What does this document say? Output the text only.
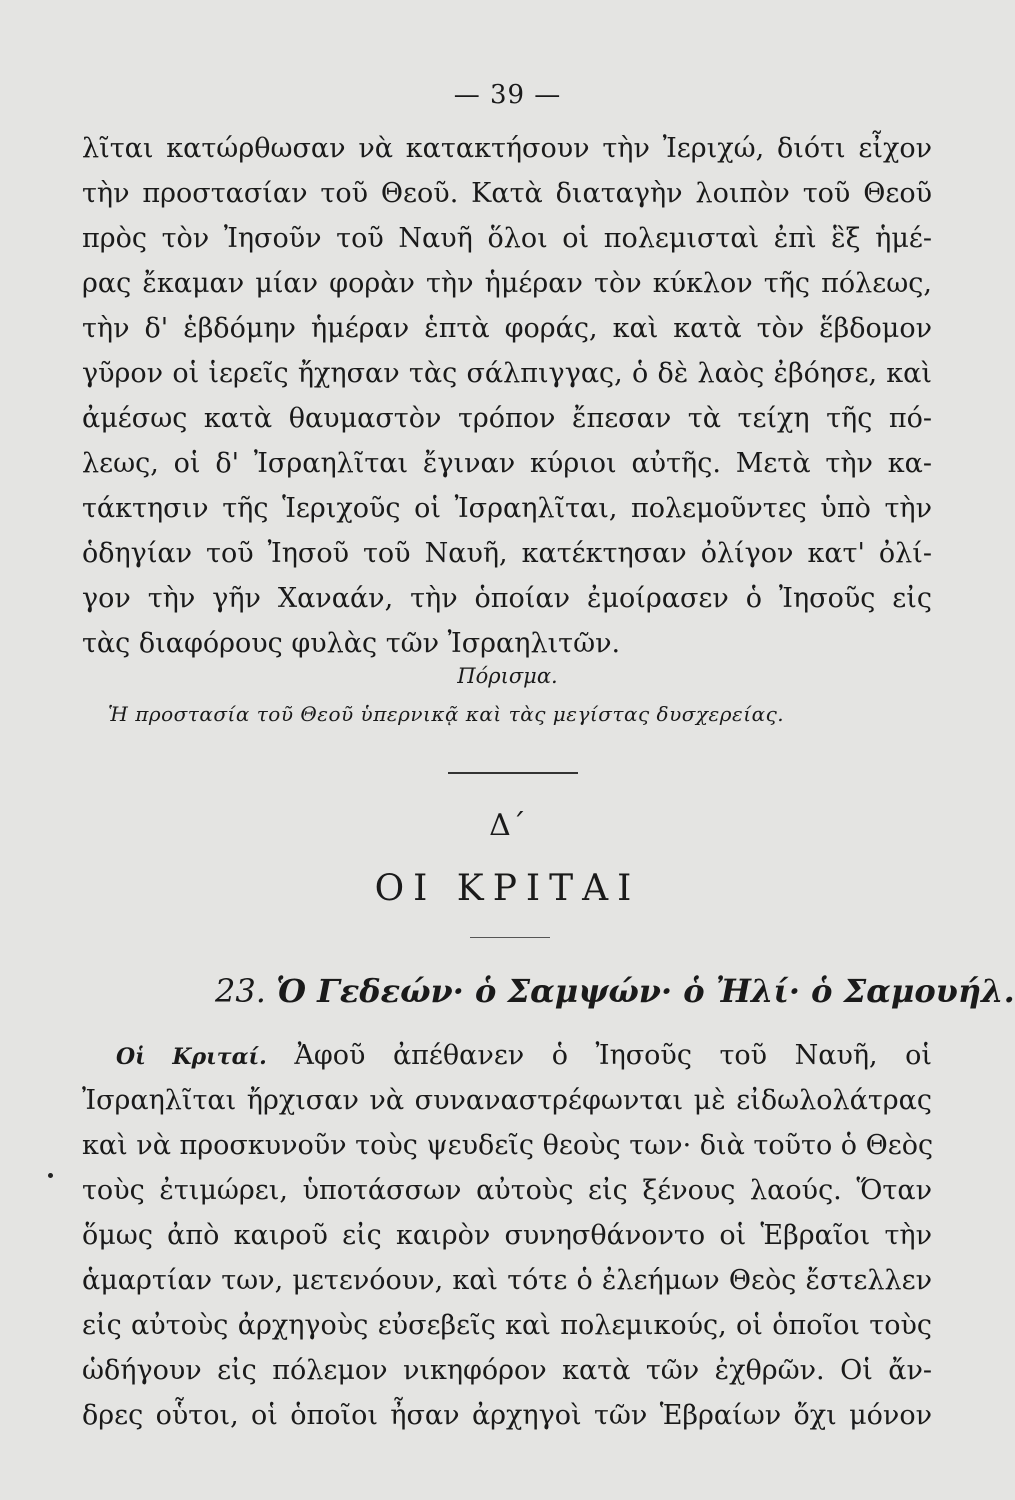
— 39 —
λῖται κατώρθωσαν νὰ κατακτήσουν τὴν Ἰεριχώ, διότι εἶχον
τὴν προστασίαν τοῦ Θεοῦ. Κατὰ διαταγὴν λοιπὸν τοῦ Θεοῦ
πρὸς τὸν Ἰησοῦν τοῦ Ναυῆ ὅλοι οἱ πολεμισταὶ ἐπὶ ἓξ ἡμέ-
ρας ἔκαμαν μίαν φορὰν τὴν ἡμέραν τὸν κύκλον τῆς πόλεως,
τὴν δ' ἑβδόμην ἡμέραν ἑπτὰ φοράς, καὶ κατὰ τὸν ἕβδομον
γῦρον οἱ ἱερεῖς ἤχησαν τὰς σάλπιγγας, ὁ δὲ λαὸς ἐβόησε, καὶ
ἀμέσως κατὰ θαυμαστὸν τρόπον ἔπεσαν τὰ τείχη τῆς πό-
λεως, οἱ δ' Ἰσραηλῖται ἔγιναν κύριοι αὐτῆς. Μετὰ τὴν κα-
τάκτησιν τῆς Ἱεριχοῦς οἱ Ἰσραηλῖται, πολεμοῦντες ὑπὸ τὴν
ὁδηγίαν τοῦ Ἰησοῦ τοῦ Ναυῆ, κατέκτησαν ὀλίγον κατ' ὀλί-
γον τὴν γῆν Χαναάν, τὴν ὁποίαν ἐμοίρασεν ὁ Ἰησοῦς εἰς
τὰς διαφόρους φυλὰς τῶν Ἰσραηλιτῶν.
Πόρισμα.
Ἡ προστασία τοῦ Θεοῦ ὑπερνικᾷ καὶ τὰς μεγίστας δυσχερείας.
Δ΄
ΟΙ ΚΡΙΤΑΙ
23. Ὁ Γεδεών· ὁ Σαμψών· ὁ Ἠλί· ὁ Σαμουήλ.
Οἱ Κριταί. Ἀφοῦ ἀπέθανεν ὁ Ἰησοῦς τοῦ Ναυῆ, οἱ
Ἰσραηλῖται ἤρχισαν νὰ συναναστρέφωνται μὲ εἰδωλολάτρας
καὶ νὰ προσκυνοῦν τοὺς ψευδεῖς θεοὺς των· διὰ τοῦτο ὁ Θεὸς
τοὺς ἐτιμώρει, ὑποτάσσων αὐτοὺς εἰς ξένους λαούς. Ὅταν
ὅμως ἀπὸ καιροῦ εἰς καιρὸν συνησθάνοντο οἱ Ἑβραῖοι τὴν
ἁμαρτίαν των, μετενόουν, καὶ τότε ὁ ἐλεήμων Θεὸς ἔστελλεν
εἰς αὐτοὺς ἀρχηγοὺς εὐσεβεῖς καὶ πολεμικούς, οἱ ὁποῖοι τοὺς
ὡδήγουν εἰς πόλεμον νικηφόρον κατὰ τῶν ἐχθρῶν. Οἱ ἄν-
δρες οὗτοι, οἱ ὁποῖοι ἦσαν ἀρχηγοὶ τῶν Ἑβραίων ὄχι μόνον
